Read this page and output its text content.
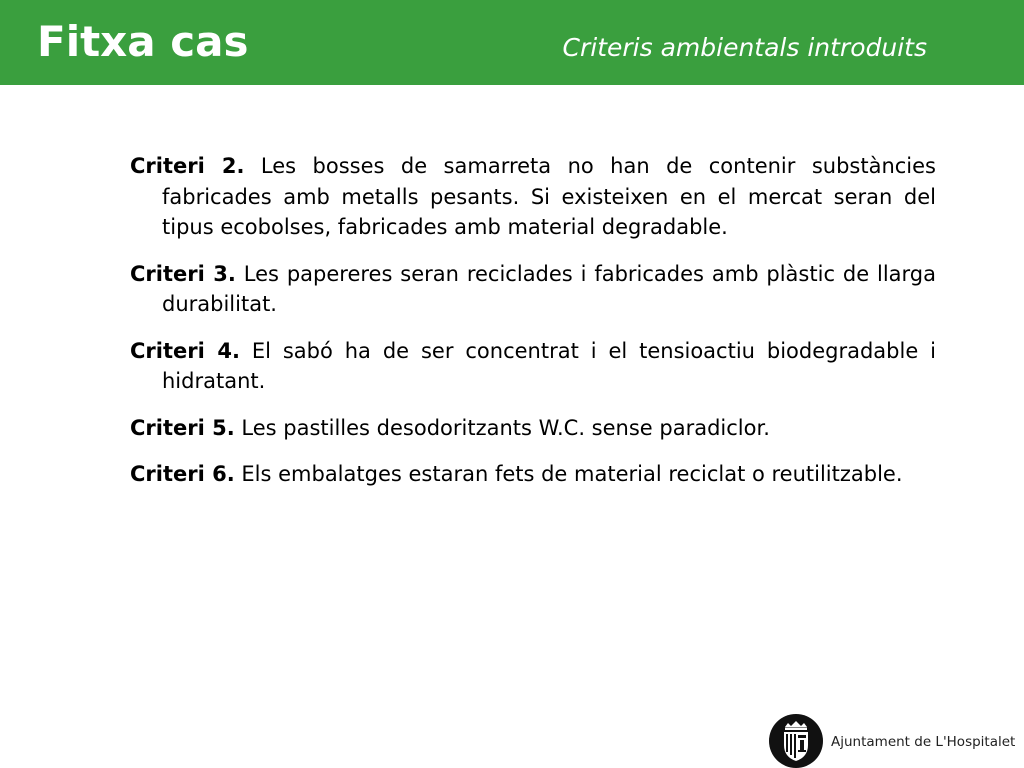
Fitxa cas	Criteris ambientals introduits

Criteri 2. Les bosses de samarreta no han de contenir substàncies fabricades amb metalls pesants. Si existeixen en el mercat seran del tipus ecobolses, fabricades amb material degradable.

Criteri 3. Les papereres seran reciclades i fabricades amb plàstic de llarga durabilitat.

Criteri 4. El sabó ha de ser concentrat i el tensioactiu biodegradable i hidratant.

Criteri 5. Les pastilles desodoritzants W.C. sense paradiclor.

Criteri 6. Els embalatges estaran fets de material reciclat o reutilitzable.

Ajuntament de L'Hospitalet
